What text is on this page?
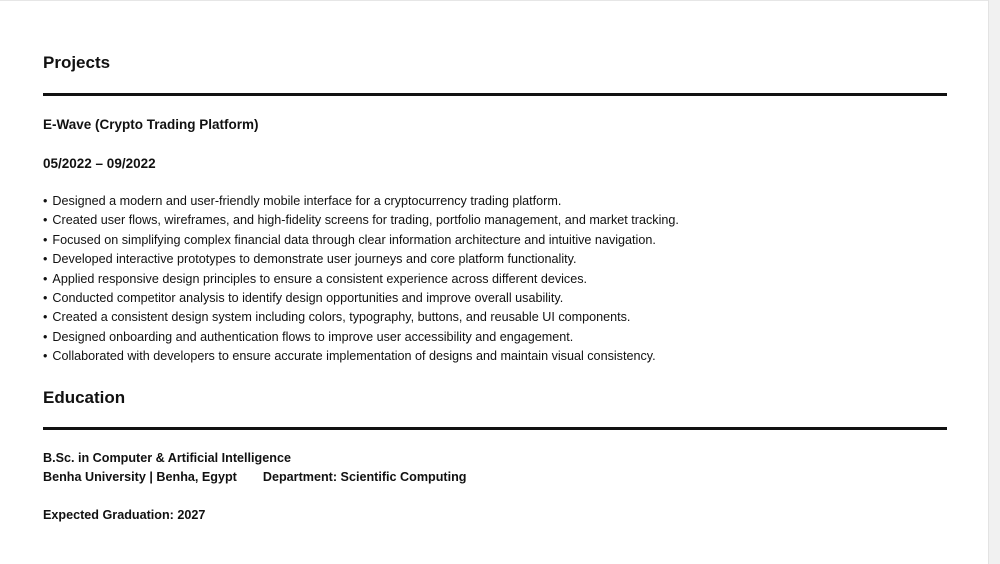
Projects
E-Wave (Crypto Trading Platform)
05/2022 – 09/2022
• Designed a modern and user-friendly mobile interface for a cryptocurrency trading platform.
• Created user flows, wireframes, and high-fidelity screens for trading, portfolio management, and market tracking.
• Focused on simplifying complex financial data through clear information architecture and intuitive navigation.
• Developed interactive prototypes to demonstrate user journeys and core platform functionality.
• Applied responsive design principles to ensure a consistent experience across different devices.
• Conducted competitor analysis to identify design opportunities and improve overall usability.
• Created a consistent design system including colors, typography, buttons, and reusable UI components.
• Designed onboarding and authentication flows to improve user accessibility and engagement.
• Collaborated with developers to ensure accurate implementation of designs and maintain visual consistency.
Education
B.Sc. in Computer & Artificial Intelligence
Benha University | Benha, Egypt Department: Scientific Computing
Expected Graduation: 2027
